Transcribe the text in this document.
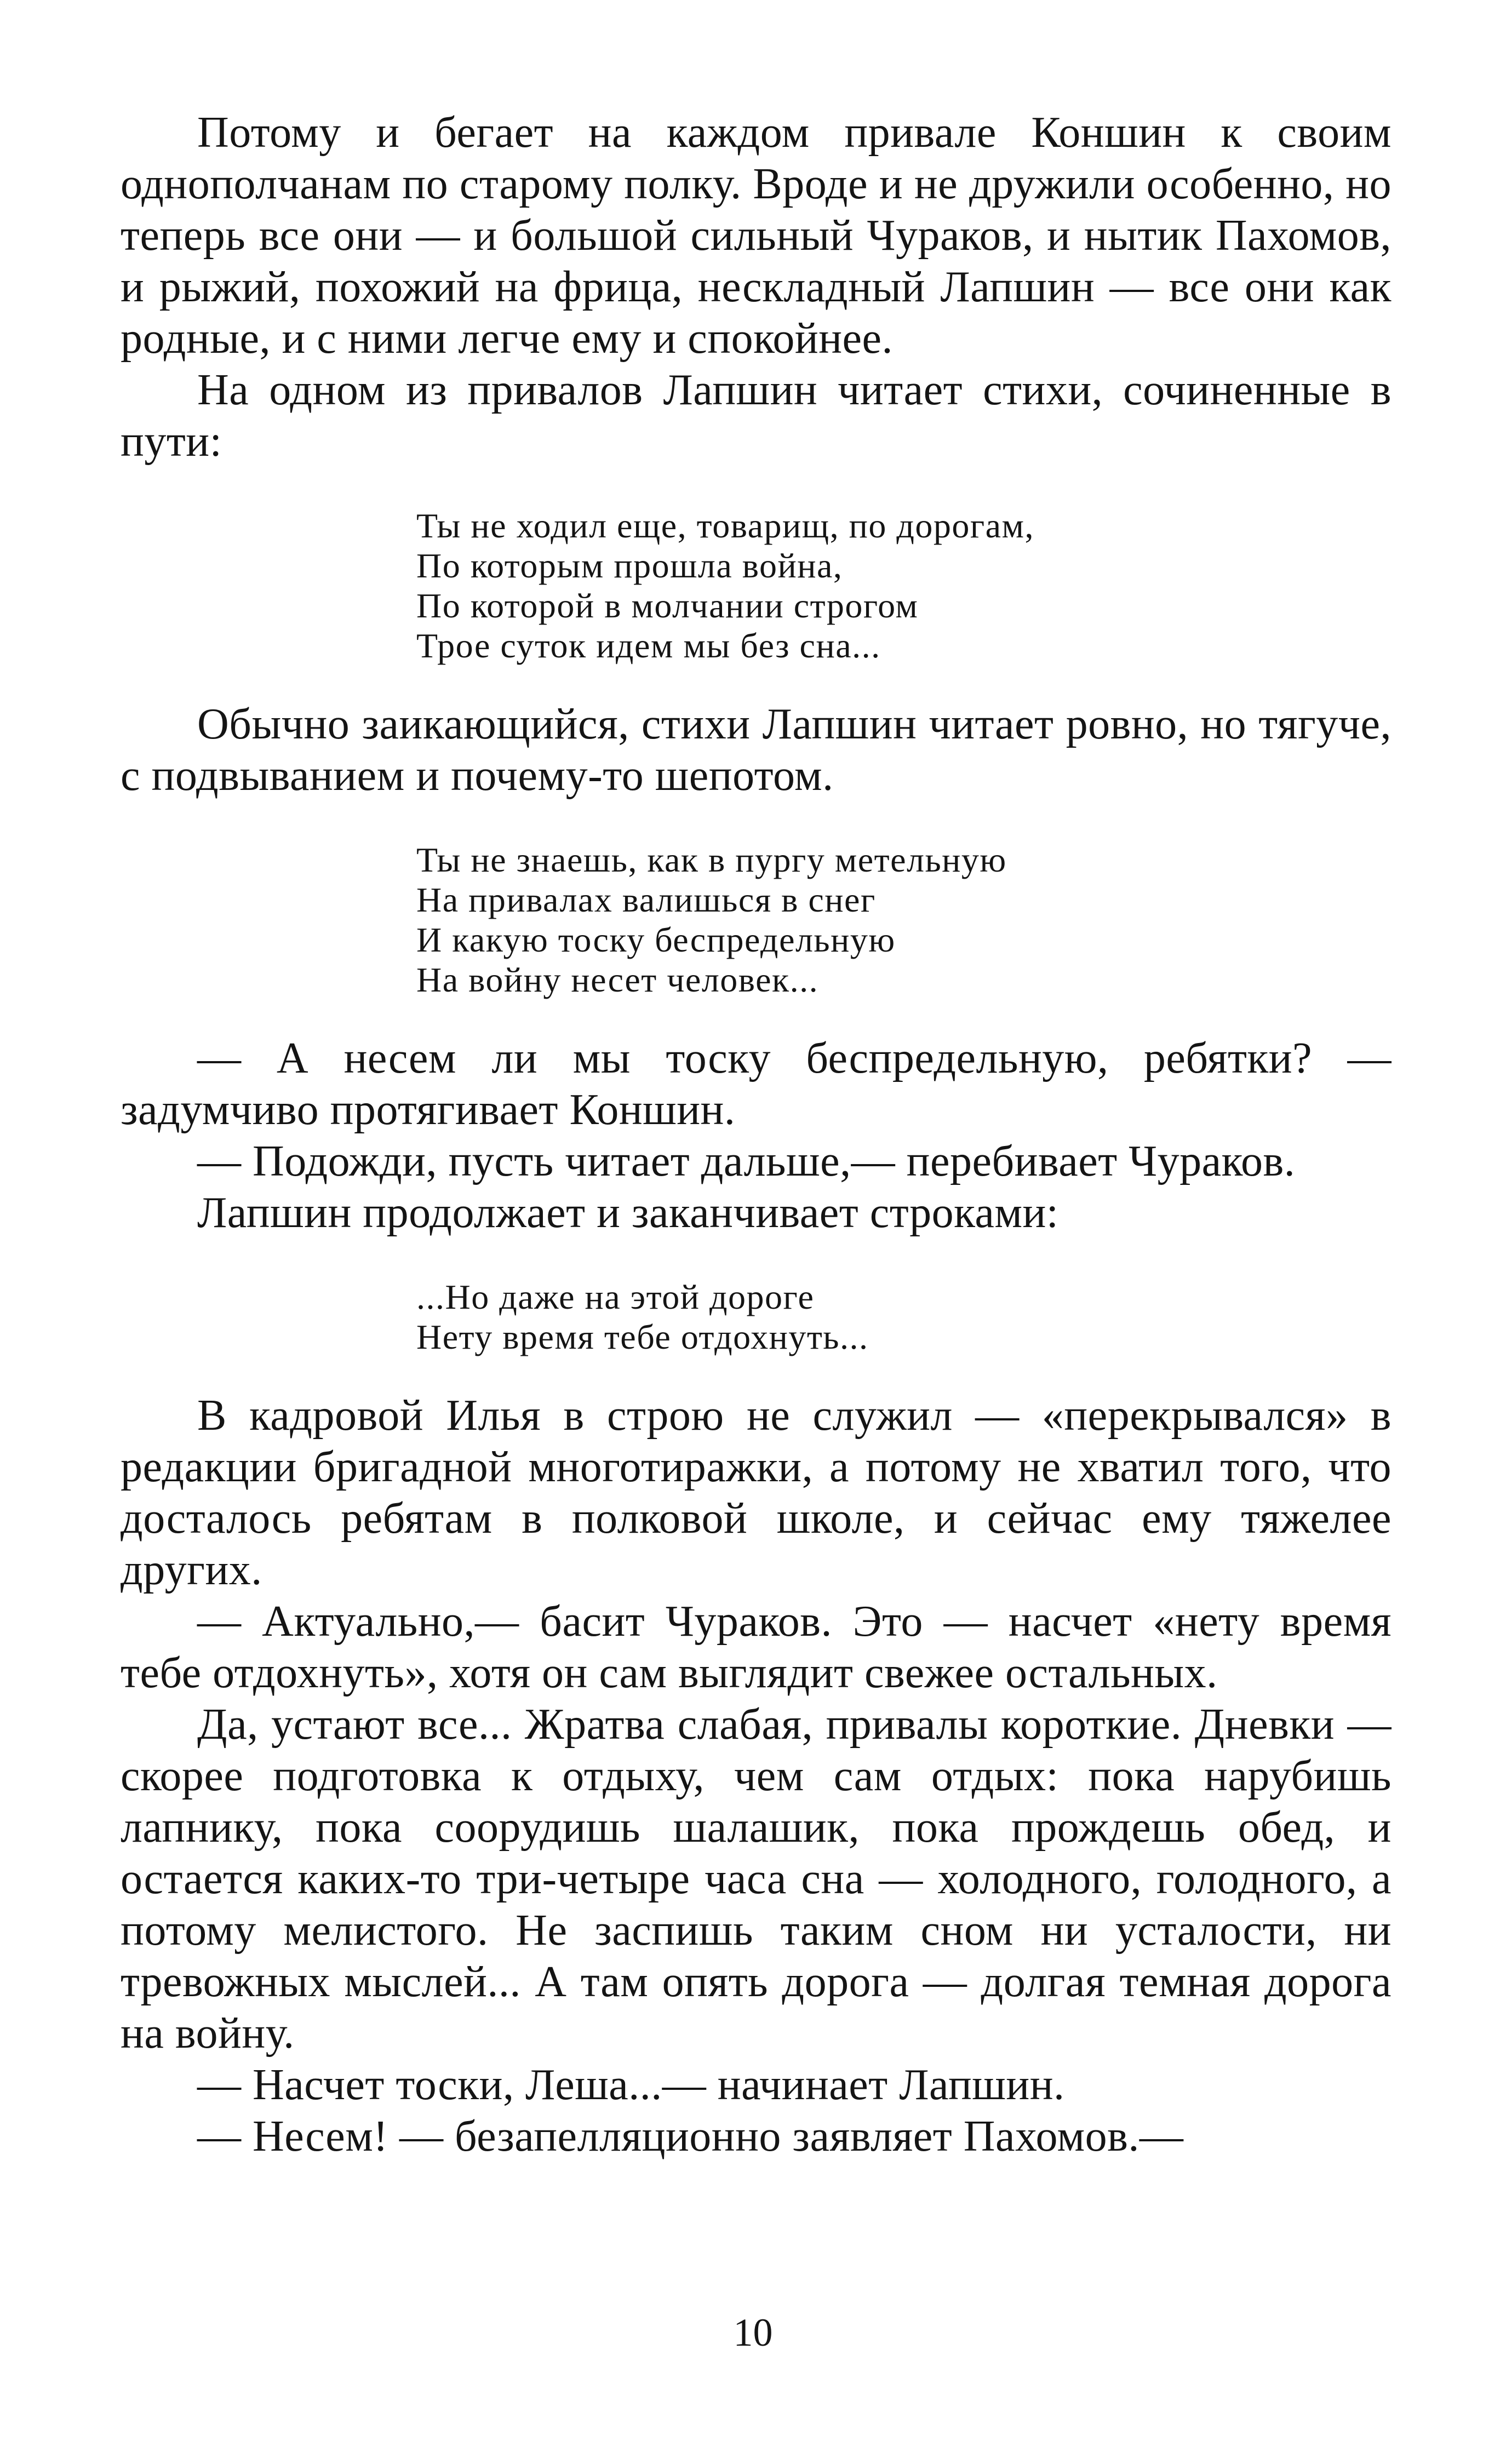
Потому и бегает на каждом привале Коншин к своим однополчанам по старому полку. Вроде и не дружили особенно, но теперь все они — и большой сильный Чураков, и нытик Пахомов, и рыжий, похожий на фрица, нескладный Лапшин — все они как родные, и с ними легче ему и спокойнее.

На одном из привалов Лапшин читает стихи, сочиненные в пути:

Ты не ходил еще, товарищ, по дорогам,
По которым прошла война,
По которой в молчании строгом
Трое суток идем мы без сна...

Обычно заикающийся, стихи Лапшин читает ровно, но тягуче, с подвыванием и почему-то шепотом.

Ты не знаешь, как в пургу метельную
На привалах валишься в снег
И какую тоску беспредельную
На войну несет человек...

— А несем ли мы тоску беспредельную, ребятки? — задумчиво протягивает Коншин.

— Подожди, пусть читает дальше,— перебивает Чураков.

Лапшин продолжает и заканчивает строками:

...Но даже на этой дороге
Нету время тебе отдохнуть...

В кадровой Илья в строю не служил — «перекрывался» в редакции бригадной многотиражки, а потому не хватил того, что досталось ребятам в полковой школе, и сейчас ему тяжелее других.

— Актуально,— басит Чураков. Это — насчет «нету время тебе отдохнуть», хотя он сам выглядит свежее остальных.

Да, устают все... Жратва слабая, привалы короткие. Дневки — скорее подготовка к отдыху, чем сам отдых: пока нарубишь лапнику, пока соорудишь шалашик, пока прождешь обед, и остается каких-то три-четыре часа сна — холодного, голодного, а потому мелистого. Не заспишь таким сном ни усталости, ни тревожных мыслей... А там опять дорога — долгая темная дорога на войну.

— Насчет тоски, Леша...— начинает Лапшин.

— Несем! — безапелляционно заявляет Пахомов.—

10
